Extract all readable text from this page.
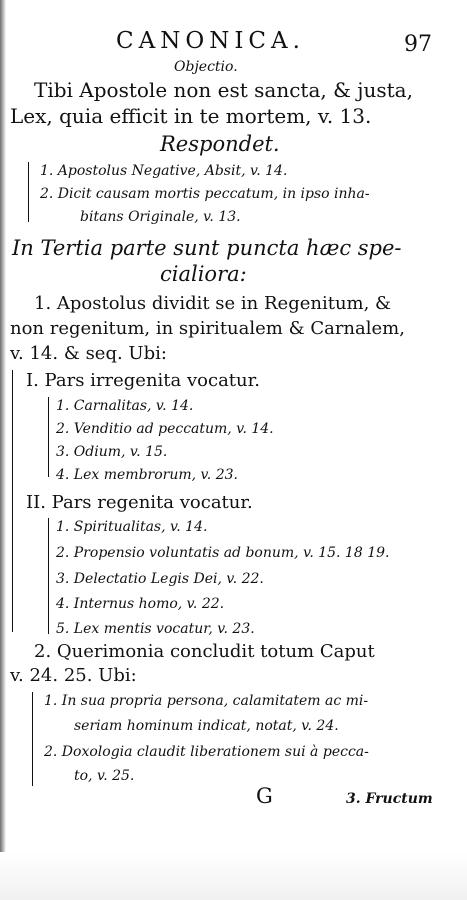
CANONICA.	97
Objectio.
Tibi Apostole non est sancta, & justa,
Lex, quia efficit in te mortem, v. 13.
Respondet.
1. Apostolus Negative, Absit, v. 14.
2. Dicit causam mortis peccatum, in ipso inha-
bitans Originale, v. 13.
In Tertia parte sunt puncta hæc spe-
cialiora:
1. Apostolus dividit se in Regenitum, &
non regenitum, in spiritualem & Carnalem,
v. 14. & seq. Ubi:
I. Pars irregenita vocatur.
1. Carnalitas, v. 14.
2. Venditio ad peccatum, v. 14.
3. Odium, v. 15.
4. Lex membrorum, v. 23.
II. Pars regenita vocatur.
1. Spiritualitas, v. 14.
2. Propensio voluntatis ad bonum, v. 15. 18 19.
3. Delectatio Legis Dei, v. 22.
4. Internus homo, v. 22.
5. Lex mentis vocatur, v. 23.
2. Querimonia concludit totum Caput
v. 24. 25. Ubi:
1. In sua propria persona, calamitatem ac mi-
seriam hominum indicat, notat, v. 24.
2. Doxologia claudit liberationem sui à pecca-
to, v. 25.
G	3. Fructum
